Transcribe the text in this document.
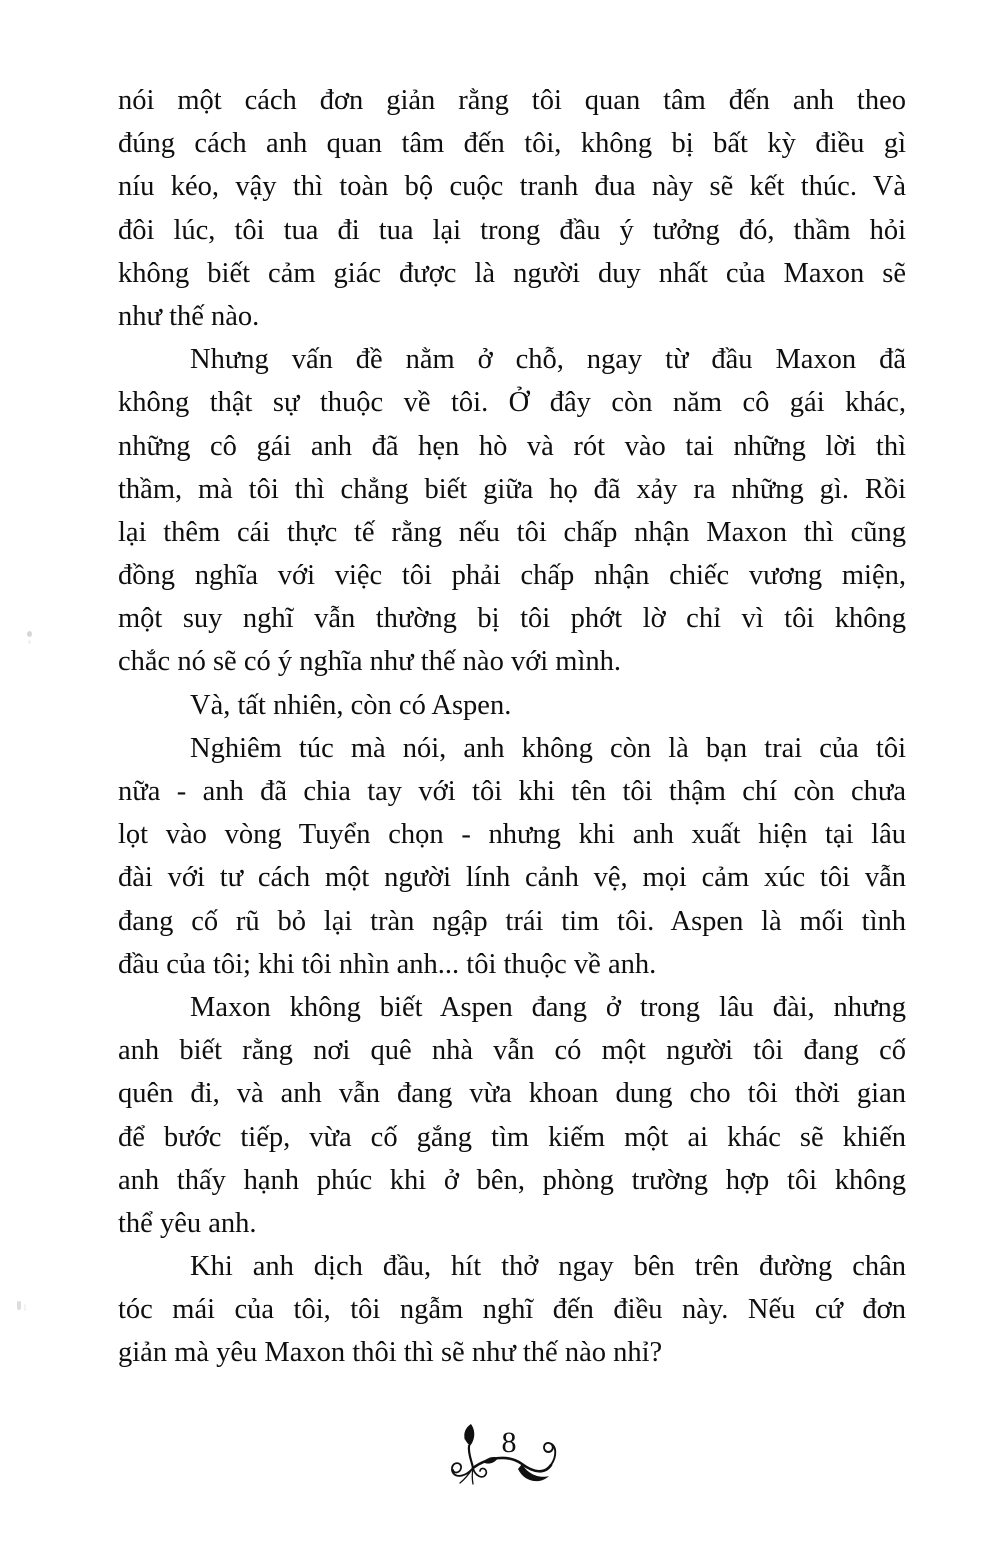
nói một cách đơn giản rằng tôi quan tâm đến anh theo
đúng cách anh quan tâm đến tôi, không bị bất kỳ điều gì
níu kéo, vậy thì toàn bộ cuộc tranh đua này sẽ kết thúc. Và
đôi lúc, tôi tua đi tua lại trong đầu ý tưởng đó, thầm hỏi
không biết cảm giác được là người duy nhất của Maxon sẽ
như thế nào.
Nhưng vấn đề nằm ở chỗ, ngay từ đầu Maxon đã
không thật sự thuộc về tôi. Ở đây còn năm cô gái khác,
những cô gái anh đã hẹn hò và rót vào tai những lời thì
thầm, mà tôi thì chẳng biết giữa họ đã xảy ra những gì. Rồi
lại thêm cái thực tế rằng nếu tôi chấp nhận Maxon thì cũng
đồng nghĩa với việc tôi phải chấp nhận chiếc vương miện,
một suy nghĩ vẫn thường bị tôi phớt lờ chỉ vì tôi không
chắc nó sẽ có ý nghĩa như thế nào với mình.
Và, tất nhiên, còn có Aspen.
Nghiêm túc mà nói, anh không còn là bạn trai của tôi
nữa - anh đã chia tay với tôi khi tên tôi thậm chí còn chưa
lọt vào vòng Tuyển chọn - nhưng khi anh xuất hiện tại lâu
đài với tư cách một người lính cảnh vệ, mọi cảm xúc tôi vẫn
đang cố rũ bỏ lại tràn ngập trái tim tôi. Aspen là mối tình
đầu của tôi; khi tôi nhìn anh... tôi thuộc về anh.
Maxon không biết Aspen đang ở trong lâu đài, nhưng
anh biết rằng nơi quê nhà vẫn có một người tôi đang cố
quên đi, và anh vẫn đang vừa khoan dung cho tôi thời gian
để bước tiếp, vừa cố gắng tìm kiếm một ai khác sẽ khiến
anh thấy hạnh phúc khi ở bên, phòng trường hợp tôi không
thể yêu anh.
Khi anh dịch đầu, hít thở ngay bên trên đường chân
tóc mái của tôi, tôi ngẫm nghĩ đến điều này. Nếu cứ đơn
giản mà yêu Maxon thôi thì sẽ như thế nào nhỉ?
8
